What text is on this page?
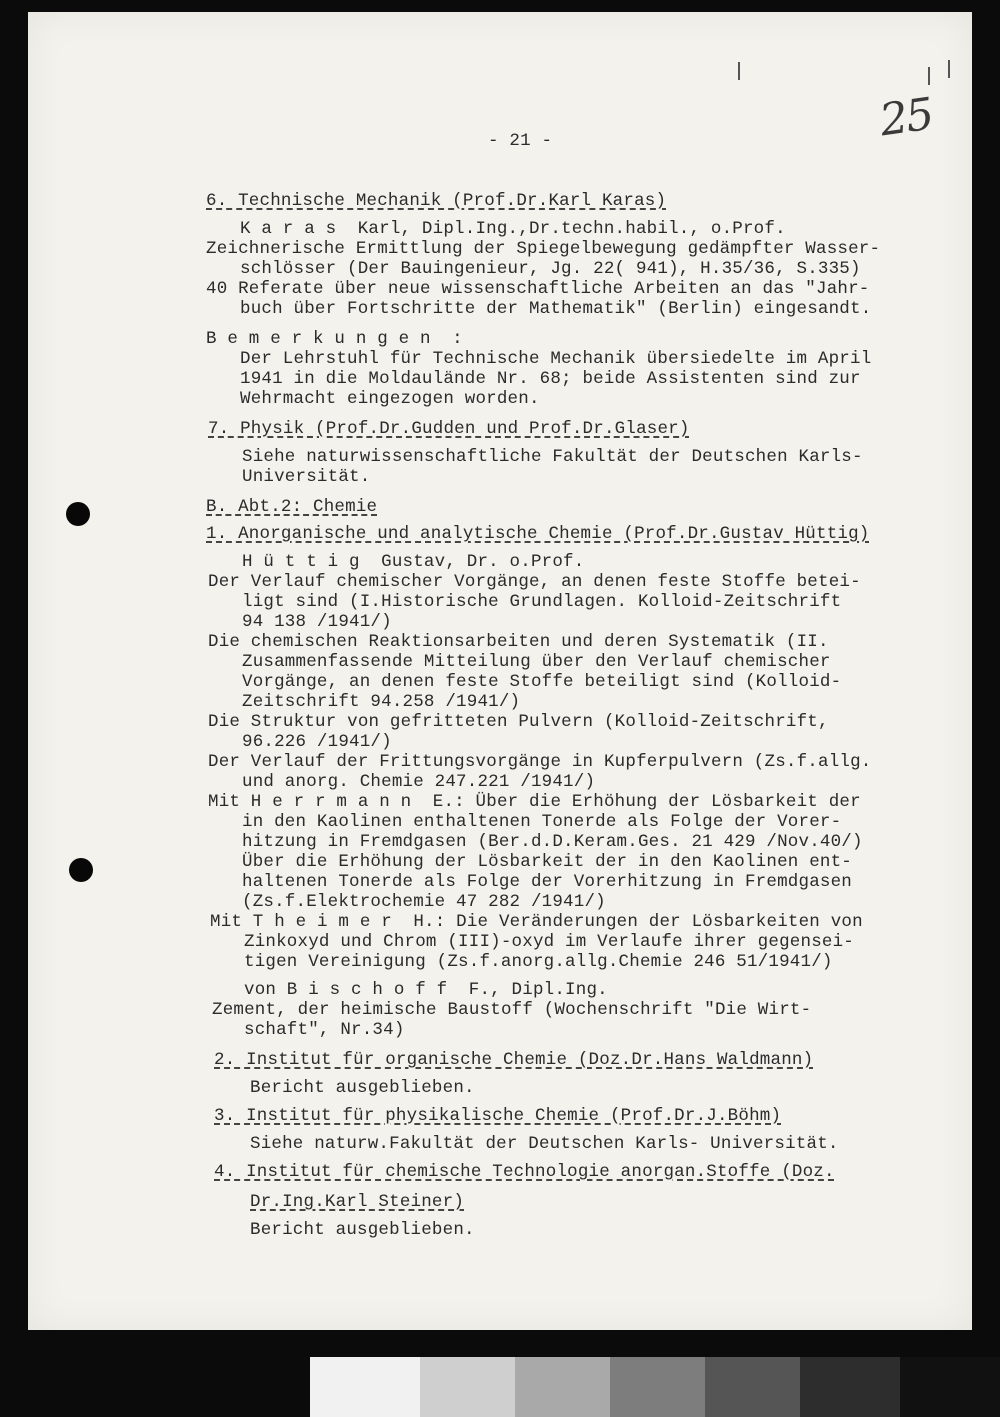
25
- 21 -
6. Technische Mechanik (Prof.Dr.Karl Karas)
K a r a s  Karl, Dipl.Ing.,Dr.techn.habil., o.Prof.
Zeichnerische Ermittlung der Spiegelbewegung gedämpfter Wasser-
schlösser (Der Bauingenieur, Jg. 22( 941), H.35/36, S.335)
40 Referate über neue wissenschaftliche Arbeiten an das "Jahr-
buch über Fortschritte der Mathematik" (Berlin) eingesandt.
B e m e r k u n g e n  :
Der Lehrstuhl für Technische Mechanik übersiedelte im April
1941 in die Moldauländе Nr. 68; beide Assistenten sind zur
Wehrmacht eingezogen worden.
7. Physik (Prof.Dr.Gudden und Prof.Dr.Glaser)
Siehe naturwissenschaftliche Fakultät der Deutschen Karls-
Universität.
B. Abt.2: Chemie
1. Anorganische und analytische Chemie (Prof.Dr.Gustav Hüttig)
H ü t t i g  Gustav, Dr. o.Prof.
Der Verlauf chemischer Vorgänge, an denen feste Stoffe betei-
ligt sind (I.Historische Grundlagen. Kolloid-Zeitschrift
94 138 /1941/)
Die chemischen Reaktionsarbeiten und deren Systematik (II.
Zusammenfassende Mitteilung über den Verlauf chemischer
Vorgänge, an denen feste Stoffe beteiligt sind (Kolloid-
Zeitschrift 94.258 /1941/)
Die Struktur von gefritteten Pulvern (Kolloid-Zeitschrift,
96.226 /1941/)
Der Verlauf der Frittungsvorgänge in Kupferpulvern (Zs.f.allg.
und anorg. Chemie 247.221 /1941/)
Mit H e r r m a n n  E.: Über die Erhöhung der Lösbarkeit der
in den Kaolinen enthaltenen Tonerde als Folge der Vorer-
hitzung in Fremdgasen (Ber.d.D.Keram.Ges. 21 429 /Nov.40/)
Über die Erhöhung der Lösbarkeit der in den Kaolinen ent-
haltenen Tonerde als Folge der Vorerhitzung in Fremdgasen
(Zs.f.Elektrochemie 47 282 /1941/)
Mit T h e i m e r  H.: Die Veränderungen der Lösbarkeiten von
Zinkoxyd und Chrom (III)-oxyd im Verlaufe ihrer gegensei-
tigen Vereinigung (Zs.f.anorg.allg.Chemie 246 51/1941/)
von B i s c h o f f  F., Dipl.Ing.
Zement, der heimische Baustoff (Wochenschrift "Die Wirt-
schaft", Nr.34)
2. Institut für organische Chemie (Doz.Dr.Hans Waldmann)
Bericht ausgeblieben.
3. Institut für physikalische Chemie (Prof.Dr.J.Böhm)
Siehe naturw.Fakultät der Deutschen Karls- Universität.
4. Institut für chemische Technologie anorgan.Stoffe (Doz.
Dr.Ing.Karl Steiner)
Bericht ausgeblieben.
